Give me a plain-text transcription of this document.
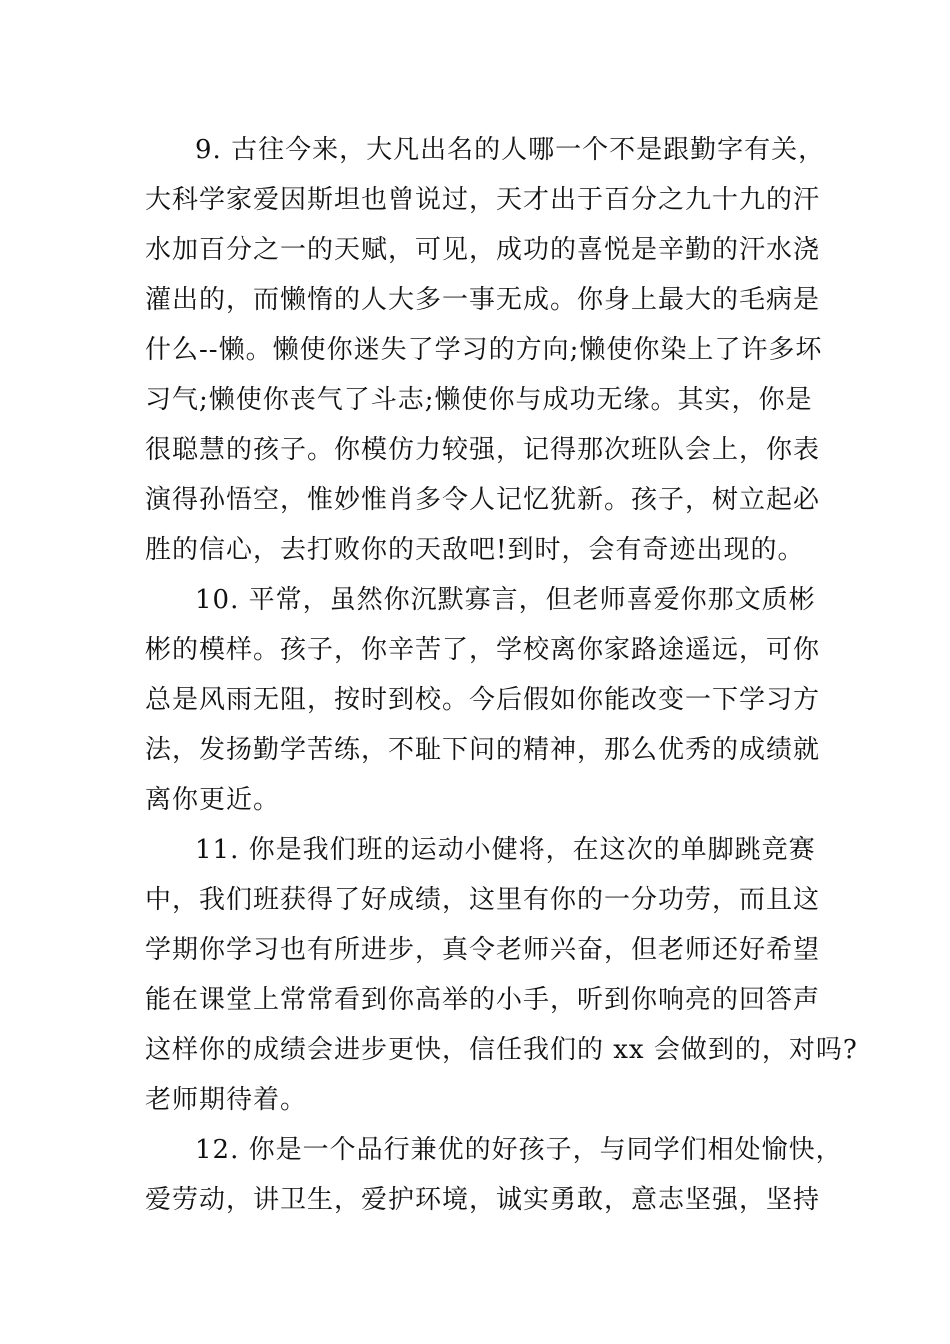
9. 古往今来，大凡出名的人哪一个不是跟勤字有关，
大科学家爱因斯坦也曾说过，天才出于百分之九十九的汗
水加百分之一的天赋，可见，成功的喜悦是辛勤的汗水浇
灌出的，而懒惰的人大多一事无成。你身上最大的毛病是
什么--懒。懒使你迷失了学习的方向;懒使你染上了许多坏
习气;懒使你丧气了斗志;懒使你与成功无缘。其实，你是
很聪慧的孩子。你模仿力较强，记得那次班队会上，你表
演得孙悟空，惟妙惟肖多令人记忆犹新。孩子，树立起必
胜的信心，去打败你的天敌吧!到时，会有奇迹出现的。
10. 平常，虽然你沉默寡言，但老师喜爱你那文质彬
彬的模样。孩子，你辛苦了，学校离你家路途遥远，可你
总是风雨无阻，按时到校。今后假如你能改变一下学习方
法，发扬勤学苦练，不耻下问的精神，那么优秀的成绩就
离你更近。
11. 你是我们班的运动小健将，在这次的单脚跳竞赛
中，我们班获得了好成绩，这里有你的一分功劳，而且这
学期你学习也有所进步，真令老师兴奋，但老师还好希望
能在课堂上常常看到你高举的小手，听到你响亮的回答声
这样你的成绩会进步更快，信任我们的 xx 会做到的，对吗?
老师期待着。
12. 你是一个品行兼优的好孩子，与同学们相处愉快，
爱劳动，讲卫生，爱护环境，诚实勇敢，意志坚强，坚持
